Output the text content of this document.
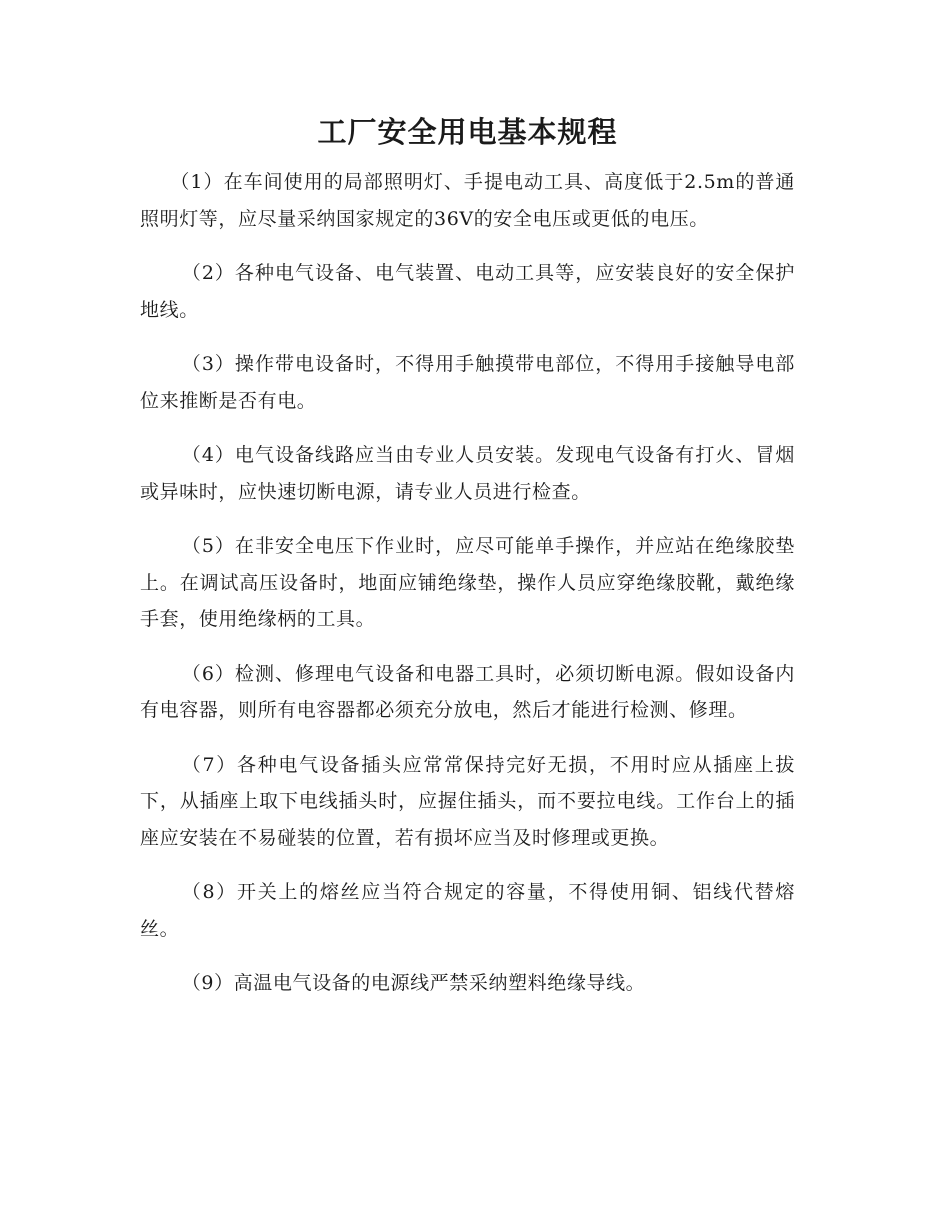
工厂安全用电基本规程

（1）在车间使用的局部照明灯、手提电动工具、高度低于2.5m的普通照明灯等，应尽量采纳国家规定的36V的安全电压或更低的电压。

（2）各种电气设备、电气装置、电动工具等，应安装良好的安全保护地线。

（3）操作带电设备时，不得用手触摸带电部位，不得用手接触导电部位来推断是否有电。

（4）电气设备线路应当由专业人员安装。发现电气设备有打火、冒烟或异味时，应快速切断电源，请专业人员进行检查。

（5）在非安全电压下作业时，应尽可能单手操作，并应站在绝缘胶垫上。在调试高压设备时，地面应铺绝缘垫，操作人员应穿绝缘胶靴，戴绝缘手套，使用绝缘柄的工具。

（6）检测、修理电气设备和电器工具时，必须切断电源。假如设备内有电容器，则所有电容器都必须充分放电，然后才能进行检测、修理。

（7）各种电气设备插头应常常保持完好无损，不用时应从插座上拔下，从插座上取下电线插头时，应握住插头，而不要拉电线。工作台上的插座应安装在不易碰装的位置，若有损坏应当及时修理或更换。

（8）开关上的熔丝应当符合规定的容量，不得使用铜、铝线代替熔丝。

（9）高温电气设备的电源线严禁采纳塑料绝缘导线。
